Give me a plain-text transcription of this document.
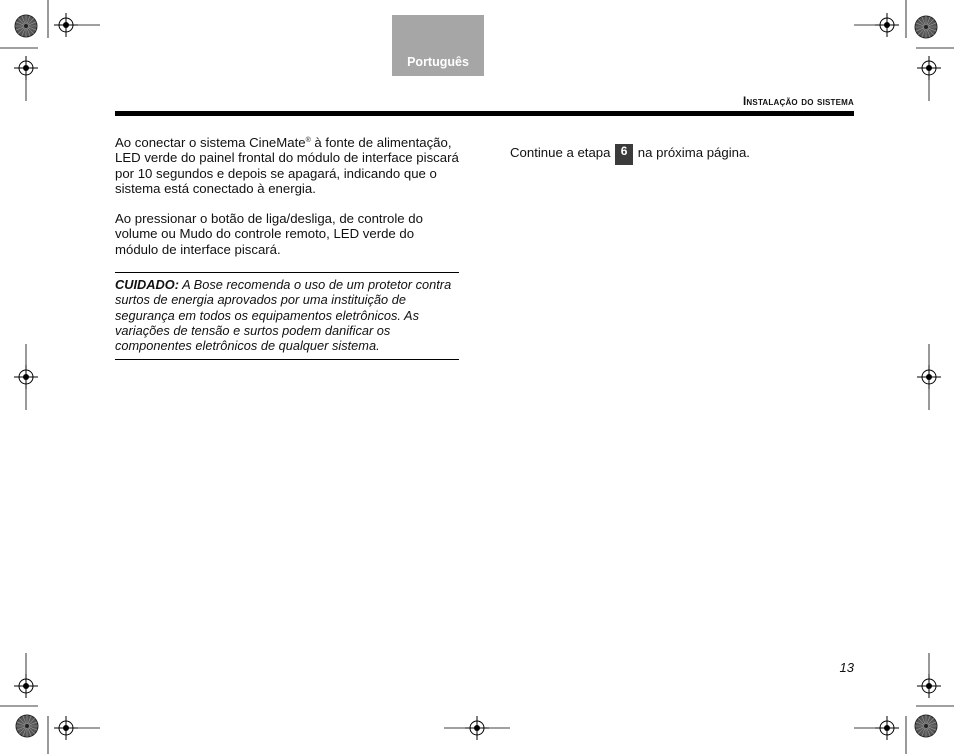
Português
Instalação do sistema

Ao conectar o sistema CineMate® à fonte de alimentação, LED verde do painel frontal do módulo de interface piscará por 10 segundos e depois se apagará, indicando que o sistema está conectado à energia.

Ao pressionar o botão de liga/desliga, de controle do volume ou Mudo do controle remoto, LED verde do módulo de interface piscará.

CUIDADO: A Bose recomenda o uso de um protetor contra surtos de energia aprovados por uma instituição de segurança em todos os equipamentos eletrônicos. As variações de tensão e surtos podem danificar os componentes eletrônicos de qualquer sistema.
Continue a etapa 6 na próxima página.
13
